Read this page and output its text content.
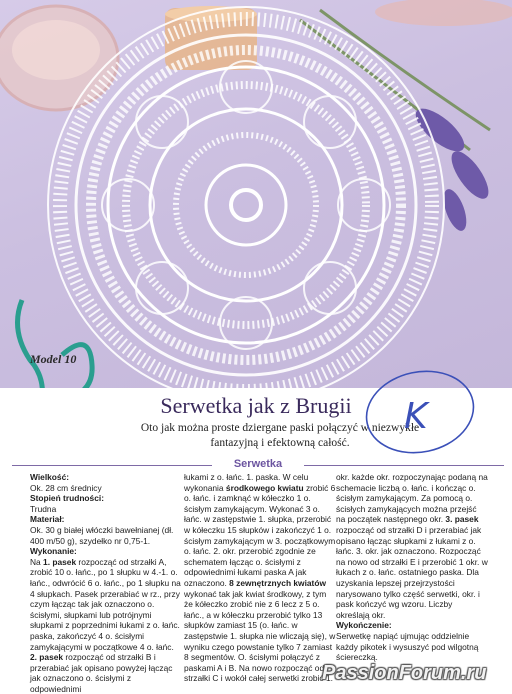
Model 10
Serwetka jak z Brugii
Oto jak można proste dziergane paski połączyć w niezwykłe fantazyjną i efektowną całość.
K
Serwetka

Wielkość:

Ok. 28 cm średnicy

Stopień trudności:

Trudna

Materiał:

Ok. 30 g białej włóczki bawełnianej (dł. 400 m/50 g), szydełko nr 0,75-1.

Wykonanie:

Na 1. pasek rozpocząć od strzałki A, zrobić 10 o. łańc., po 1 słupku w 4.-1. o. łańc., odwrócić 6 o. łańc., po 1 słupku na 4 słupkach. Pasek przerabiać w rz., przy czym łącząc tak jak oznaczono o. ścisłymi, słupkami lub potrójnymi słupkami z poprzednimi łukami z o. łańc. paska, zakończyć 4 o. ścisłymi zamykającymi w początkowe 4 o. łańc.

2. pasek rozpocząć od strzałki B i przerabiać jak opisano powyżej łącząc jak oznaczono o. ścisłymi z odpowiednimi

łukami z o. łańc. 1. paska. W celu wykonania środkowego kwiatu zrobić 6 o. łańc. i zamknąć w kółeczko 1 o. ścisłym zamykającym. Wykonać 3 o. łańc. w zastępstwie 1. słupka, przerobić w kółeczku 15 słupków i zakończyć 1 o. ścisłym zamykającym w 3. początkowym o. łańc. 2. okr. przerobić zgodnie ze schematem łącząc o. ścisłymi z odpowiednimi łukami paska A jak oznaczono. 8 zewnętrznych kwiatów wykonać tak jak kwiat środkowy, z tym że kółeczko zrobić nie z 6 lecz z 5 o. łańc., a w kółeczku przerobić tylko 13 słupków zamiast 15 (o. łańc. w zastępstwie 1. słupka nie wliczają się), w wyniku czego powstanie tylko 7 zamiast 8 segmentów. O. ścisłymi połączyć z paskami A i B. Na nowo rozpocząć od strzałki C i wokół całej serwetki zrobić 1.

okr. każde okr. rozpoczynając podaną na schemacie liczbą o. łańc. i kończąc o. ścisłym zamykającym. Za pomocą o. ścisłych zamykających można przejść na początek następnego okr. 3. pasek rozpocząć od strzałki D i przerabiać jak opisano łącząc słupkami z łukami z o. łańc. 3. okr. jak oznaczono. Rozpocząć na nowo od strzałki E i przerobić 1 okr. w łukach z o. łańc. ostatniego paska. Dla uzyskania lepszej przejrzystości narysowano tylko część serwetki, okr. i pask kończyć wg wzoru. Liczby określają okr.

Wykończenie:

Serwetkę napiąć ujmując oddzielnie każdy pikotek i wysuszyć pod wilgotną ściereczką.

PassionForum.ru
